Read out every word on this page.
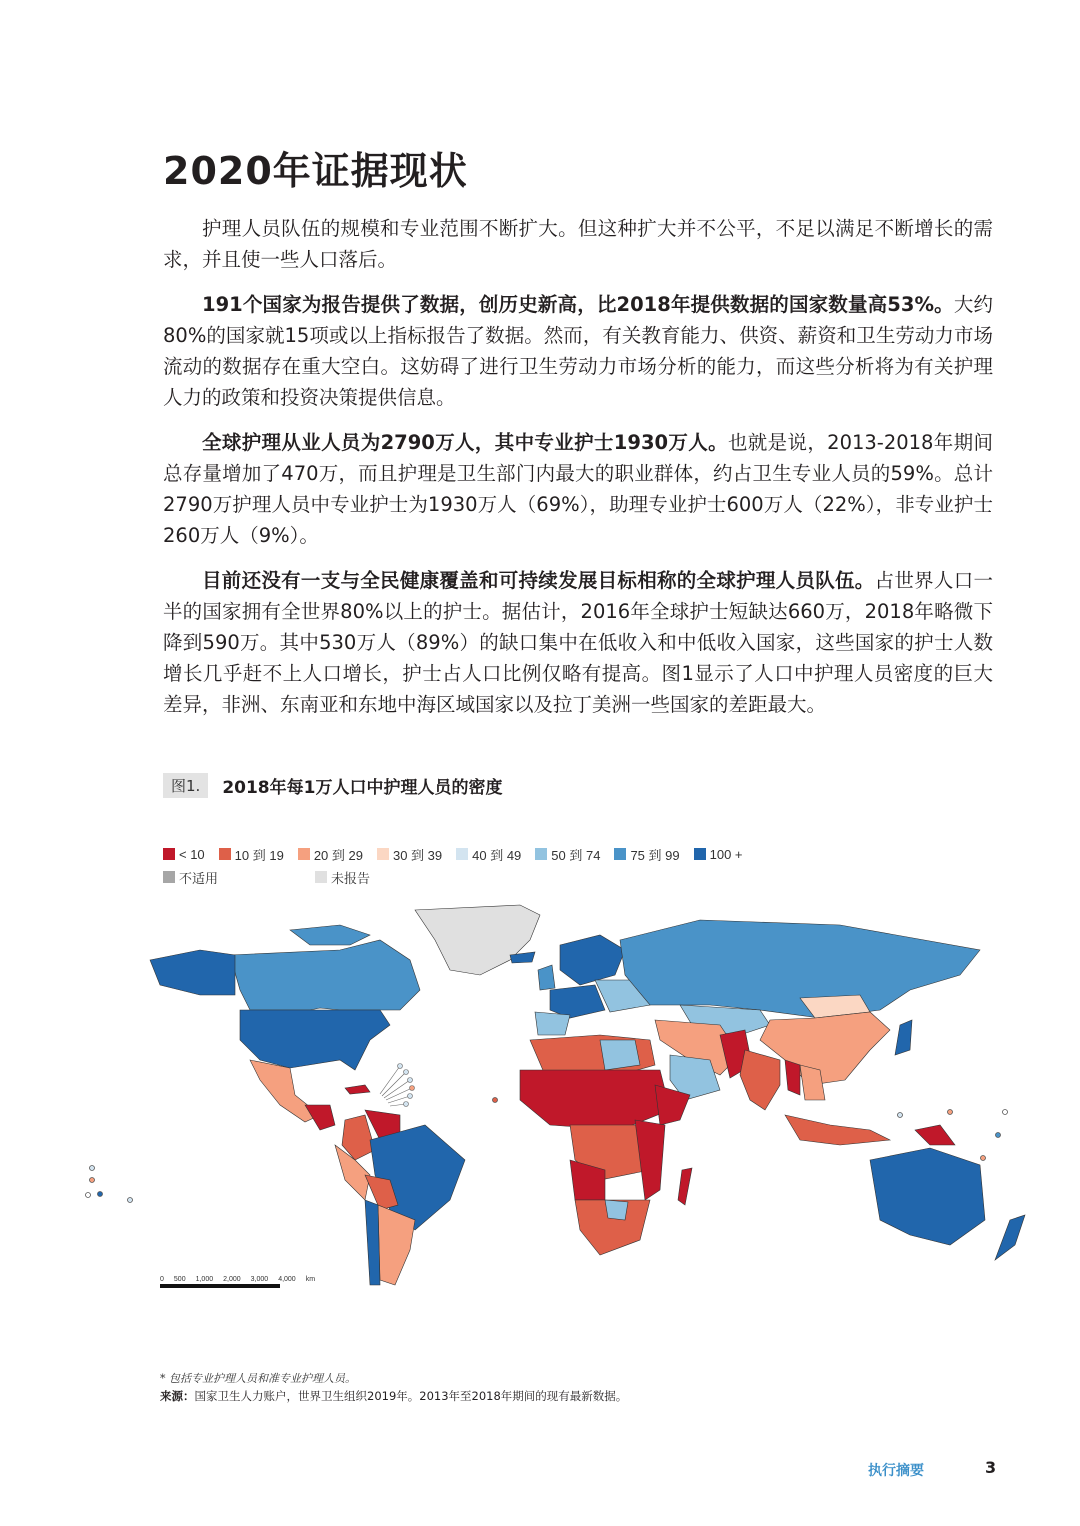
2020年证据现状

护理人员队伍的规模和专业范围不断扩大。但这种扩大并不公平，不足以满足不断增长的需求，并且使一些人口落后。

191个国家为报告提供了数据，创历史新高，比2018年提供数据的国家数量高53%。大约80%的国家就15项或以上指标报告了数据。然而，有关教育能力、供资、薪资和卫生劳动力市场流动的数据存在重大空白。这妨碍了进行卫生劳动力市场分析的能力，而这些分析将为有关护理人力的政策和投资决策提供信息。

全球护理从业人员为2790万人，其中专业护士1930万人。也就是说，2013-2018年期间总存量增加了470万，而且护理是卫生部门内最大的职业群体，约占卫生专业人员的59%。总计2790万护理人员中专业护士为1930万人（69%），助理专业护士600万人（22%），非专业护士260万人（9%）。

目前还没有一支与全民健康覆盖和可持续发展目标相称的全球护理人员队伍。占世界人口一半的国家拥有全世界80%以上的护士。据估计，2016年全球护士短缺达660万，2018年略微下降到590万。其中530万人（89%）的缺口集中在低收入和中低收入国家，这些国家的护士人数增长几乎赶不上人口增长，护士占人口比例仅略有提高。图1显示了人口中护理人员密度的巨大差异，非洲、东南亚和东地中海区域国家以及拉丁美洲一些国家的差距最大。

图1.	2018年每1万人口中护理人员的密度
< 10 10 到 19 20 到 29 30 到 39 40 到 49 50 到 74 75 到 99 100 +
不适用	未报告
0 500 1,000 2,000 3,000 4,000 km
* 包括专业护理人员和准专业护理人员。
来源：国家卫生人力账户，世界卫生组织2019年。2013年至2018年期间的现有最新数据。
执行摘要	3
